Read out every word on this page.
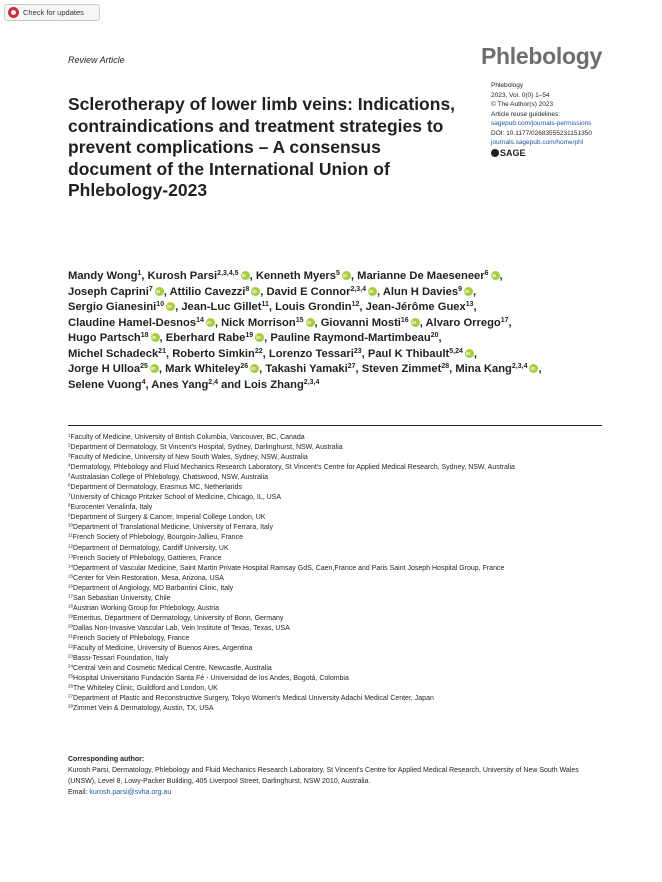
Check for updates
Review Article	Phlebology
Phlebology
2023, Vol. 0(0) 1–54
© The Author(s) 2023
Article reuse guidelines:
sagepub.com/journals-permissions
DOI: 10.1177/02683555231151350
journals.sagepub.com/home/phl
SAGE
Sclerotherapy of lower limb veins: Indications, contraindications and treatment strategies to prevent complications – A consensus document of the International Union of Phlebology-2023
Mandy Wong$^1$, Kurosh Parsi$^{2,3,4,5}$ iD , Kenneth Myers$^5$ iD , Marianne De Maeseneer$^6$ iD ,
Joseph Caprini$^7$ iD , Attilio Cavezzi$^8$ iD , David E Connor$^{2,3,4}$ iD , Alun H Davies$^9$ iD ,
Sergio Gianesini$^{10}$ iD , Jean-Luc Gillet$^{11}$, Louis Grondin$^{12}$, Jean-Jérôme Guex$^{13}$,
Claudine Hamel-Desnos$^{14}$ iD , Nick Morrison$^{15}$ iD , Giovanni Mosti$^{16}$ iD , Alvaro Orrego$^{17}$,
Hugo Partsch$^{18}$ iD , Eberhard Rabe$^{19}$ iD , Pauline Raymond-Martimbeau$^{20}$,
Michel Schadeck$^{21}$, Roberto Simkin$^{22}$, Lorenzo Tessari$^{23}$, Paul K Thibault$^{5,24}$ iD ,
Jorge H Ulloa$^{25}$ iD , Mark Whiteley$^{26}$ iD , Takashi Yamaki$^{27}$, Steven Zimmet$^{28}$, Mina Kang$^{2,3,4}$iD ,
Selene Vuong$^4$, Anes Yang$^{2,4}$ and Lois Zhang$^{2,3,4}$
$^1$Faculty of Medicine, University of British Columbia, Vancouver, BC, Canada
$^2$Department of Dermatology, St Vincent's Hospital, Sydney, Darlinghurst, NSW, Australia
$^3$Faculty of Medicine, University of New South Wales, Sydney, NSW, Australia
$^4$Dermatology, Phlebology and Fluid Mechanics Research Laboratory, St Vincent's Centre for Applied Medical Research, Sydney, NSW, Australia
$^5$Australasian College of Phlebology, Chatswood, NSW, Australia
$^6$Department of Dermatology, Erasmus MC, Netherlands
$^7$University of Chicago Pritzker School of Medicine, Chicago, IL, USA
$^8$Eurocenter Venalinfa, Italy
$^9$Department of Surgery & Cancer, Imperial College London, UK
$^{10}$Department of Translational Medicine, University of Ferrara, Italy
$^{11}$French Society of Phlebology, Bourgoin-Jallieu, France
$^{12}$Department of Dermatology, Cardiff University, UK
$^{13}$French Society of Phlebology, Gattieres, France
$^{14}$Department of Vascular Medicine, Saint Martin Private Hospital Ramsay GdS, Caen,France and Paris Saint Joseph Hospital Group, France
$^{15}$Center for Vein Restoration, Mesa, Arizona, USA
$^{16}$Department of Angiology, MD Barbantini Clinic, Italy
$^{17}$San Sebastian University, Chile
$^{18}$Austrian Working Group for Phlebology, Austria
$^{19}$Emeritus, Department of Dermatology, University of Bonn, Germany
$^{20}$Dallas Non-Invasive Vascular Lab, Vein Institute of Texas, Texas, USA
$^{21}$French Society of Phlebology, France
$^{22}$Faculty of Medicine, University of Buenos Aires, Argentina
$^{23}$Bassi-Tessari Foundation, Italy
$^{24}$Central Vein and Cosmetic Medical Centre, Newcastle, Australia
$^{25}$Hospital Universitario Fundación Santa Fé - Universidad de los Andes, Bogotá, Colombia
$^{26}$The Whiteley Clinic, Guildford and London, UK
$^{27}$Department of Plastic and Reconstructive Surgery, Tokyo Women's Medical University Adachi Medical Center, Japan
$^{28}$Zimmet Vein & Dermatology, Austin, TX, USA
Corresponding author:
Kurosh Parsi, Dermatology, Phlebology and Fluid Mechanics Research Laboratory, St Vincent's Centre for Applied Medical Research, University of New South Wales (UNSW), Level 8, Lowy-Packer Building, 405 Liverpool Street, Darlinghurst, NSW 2010, Australia.
Email: kurosh.parsi@svha.org.au
